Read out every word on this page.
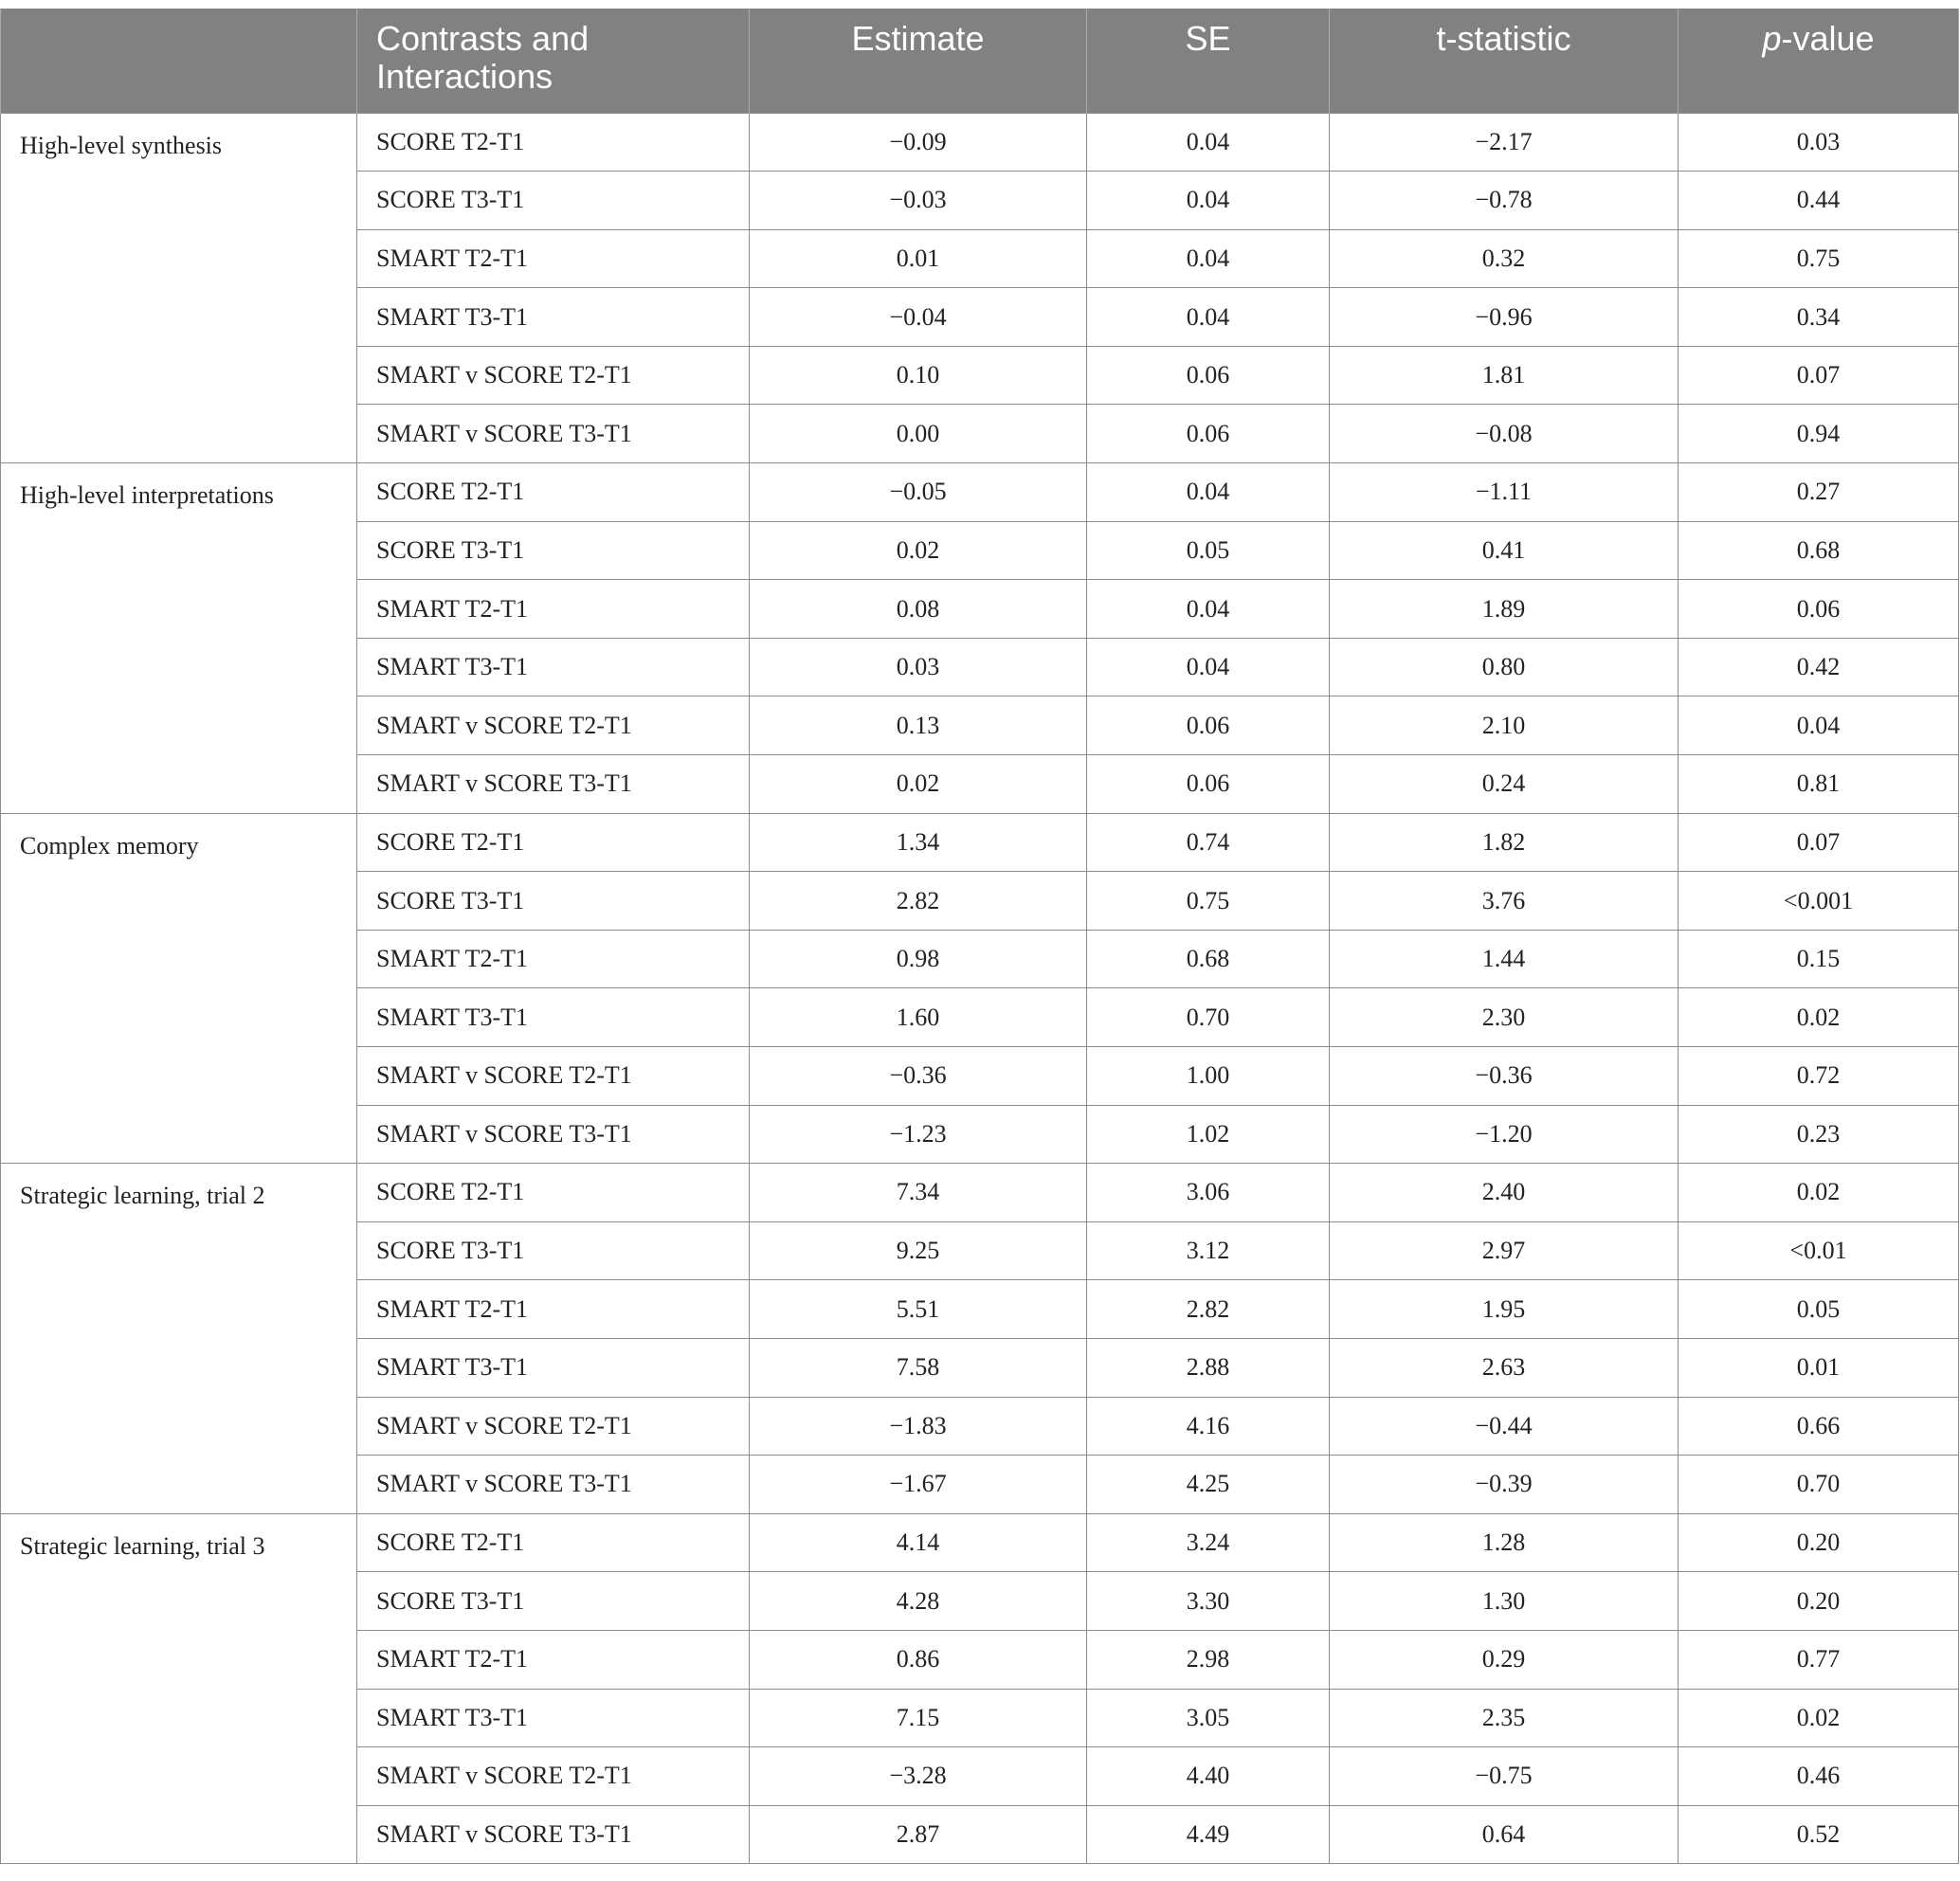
	Contrasts and Interactions	Estimate	SE	t-statistic	p-value
High-level synthesis	SCORE T2-T1	−0.09	0.04	−2.17	0.03
	SCORE T3-T1	−0.03	0.04	−0.78	0.44
	SMART T2-T1	0.01	0.04	0.32	0.75
	SMART T3-T1	−0.04	0.04	−0.96	0.34
	SMART v SCORE T2-T1	0.10	0.06	1.81	0.07
	SMART v SCORE T3-T1	0.00	0.06	−0.08	0.94
High-level interpretations	SCORE T2-T1	−0.05	0.04	−1.11	0.27
	SCORE T3-T1	0.02	0.05	0.41	0.68
	SMART T2-T1	0.08	0.04	1.89	0.06
	SMART T3-T1	0.03	0.04	0.80	0.42
	SMART v SCORE T2-T1	0.13	0.06	2.10	0.04
	SMART v SCORE T3-T1	0.02	0.06	0.24	0.81
Complex memory	SCORE T2-T1	1.34	0.74	1.82	0.07
	SCORE T3-T1	2.82	0.75	3.76	<0.001
	SMART T2-T1	0.98	0.68	1.44	0.15
	SMART T3-T1	1.60	0.70	2.30	0.02
	SMART v SCORE T2-T1	−0.36	1.00	−0.36	0.72
	SMART v SCORE T3-T1	−1.23	1.02	−1.20	0.23
Strategic learning, trial 2	SCORE T2-T1	7.34	3.06	2.40	0.02
	SCORE T3-T1	9.25	3.12	2.97	<0.01
	SMART T2-T1	5.51	2.82	1.95	0.05
	SMART T3-T1	7.58	2.88	2.63	0.01
	SMART v SCORE T2-T1	−1.83	4.16	−0.44	0.66
	SMART v SCORE T3-T1	−1.67	4.25	−0.39	0.70
Strategic learning, trial 3	SCORE T2-T1	4.14	3.24	1.28	0.20
	SCORE T3-T1	4.28	3.30	1.30	0.20
	SMART T2-T1	0.86	2.98	0.29	0.77
	SMART T3-T1	7.15	3.05	2.35	0.02
	SMART v SCORE T2-T1	−3.28	4.40	−0.75	0.46
	SMART v SCORE T3-T1	2.87	4.49	0.64	0.52
